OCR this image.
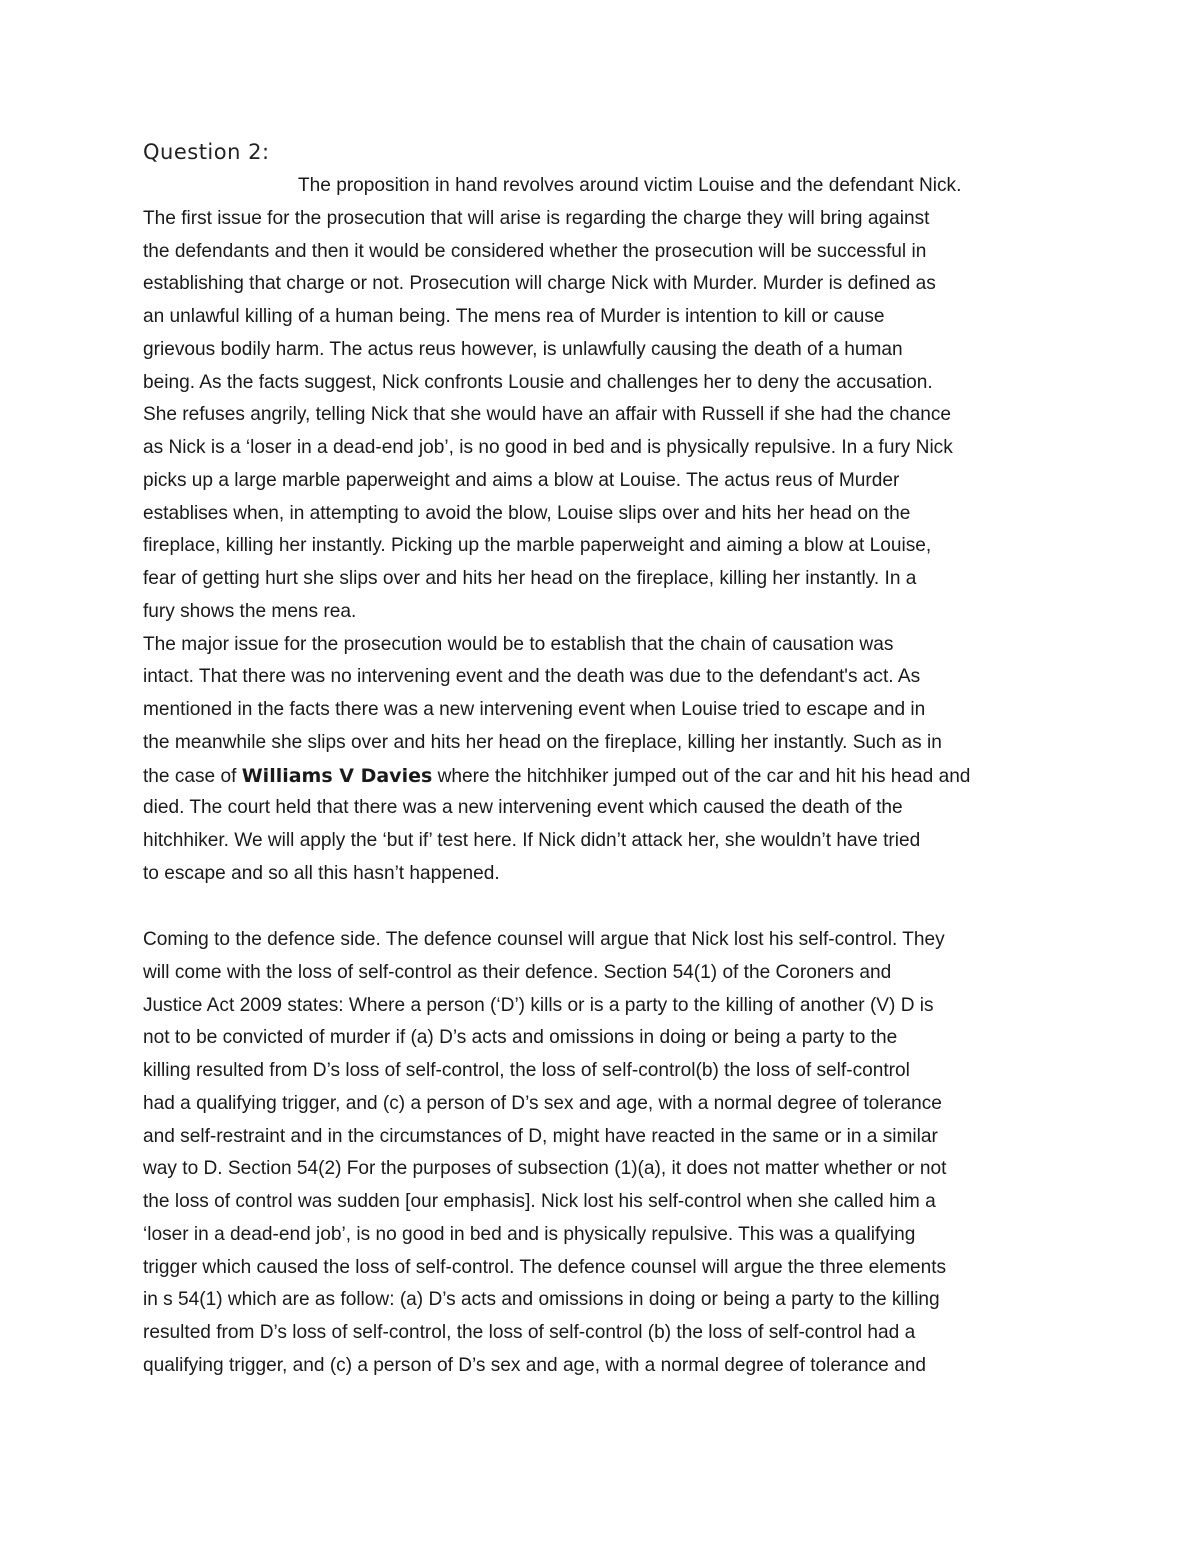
Question 2:
The proposition in hand revolves around victim Louise and the defendant Nick.
The first issue for the prosecution that will arise is regarding the charge they will bring against
the defendants and then it would be considered whether the prosecution will be successful in
establishing that charge or not. Prosecution will charge Nick with Murder. Murder is defined as
an unlawful killing of a human being. The mens rea of Murder is intention to kill or cause
grievous bodily harm. The actus reus however, is unlawfully causing the death of a human
being. As the facts suggest, Nick confronts Lousie and challenges her to deny the accusation.
She refuses angrily, telling Nick that she would have an affair with Russell if she had the chance
as Nick is a ‘loser in a dead-end job’, is no good in bed and is physically repulsive. In a fury Nick
picks up a large marble paperweight and aims a blow at Louise. The actus reus of Murder
establises when, in attempting to avoid the blow, Louise slips over and hits her head on the
fireplace, killing her instantly. Picking up the marble paperweight and aiming a blow at Louise,
fear of getting hurt she slips over and hits her head on the fireplace, killing her instantly. In a
fury shows the mens rea.
The major issue for the prosecution would be to establish that the chain of causation was
intact. That there was no intervening event and the death was due to the defendant's act. As
mentioned in the facts there was a new intervening event when Louise tried to escape and in
the meanwhile she slips over and hits her head on the fireplace, killing her instantly. Such as in
the case of Williams V Davies where the hitchhiker jumped out of the car and hit his head and
died. The court held that there was a new intervening event which caused the death of the
hitchhiker. We will apply the ‘but if’ test here. If Nick didn’t attack her, she wouldn’t have tried
to escape and so all this hasn’t happened.
Coming to the defence side. The defence counsel will argue that Nick lost his self-control. They
will come with the loss of self-control as their defence. Section 54(1) of the Coroners and
Justice Act 2009 states: Where a person (‘D’) kills or is a party to the killing of another (V) D is
not to be convicted of murder if (a) D’s acts and omissions in doing or being a party to the
killing resulted from D’s loss of self-control, the loss of self-control(b) the loss of self-control
had a qualifying trigger, and (c) a person of D’s sex and age, with a normal degree of tolerance
and self-restraint and in the circumstances of D, might have reacted in the same or in a similar
way to D. Section 54(2) For the purposes of subsection (1)(a), it does not matter whether or not
the loss of control was sudden [our emphasis]. Nick lost his self-control when she called him a
‘loser in a dead-end job’, is no good in bed and is physically repulsive. This was a qualifying
trigger which caused the loss of self-control. The defence counsel will argue the three elements
in s 54(1) which are as follow: (a) D’s acts and omissions in doing or being a party to the killing
resulted from D’s loss of self-control, the loss of self-control (b) the loss of self-control had a
qualifying trigger, and (c) a person of D’s sex and age, with a normal degree of tolerance and
